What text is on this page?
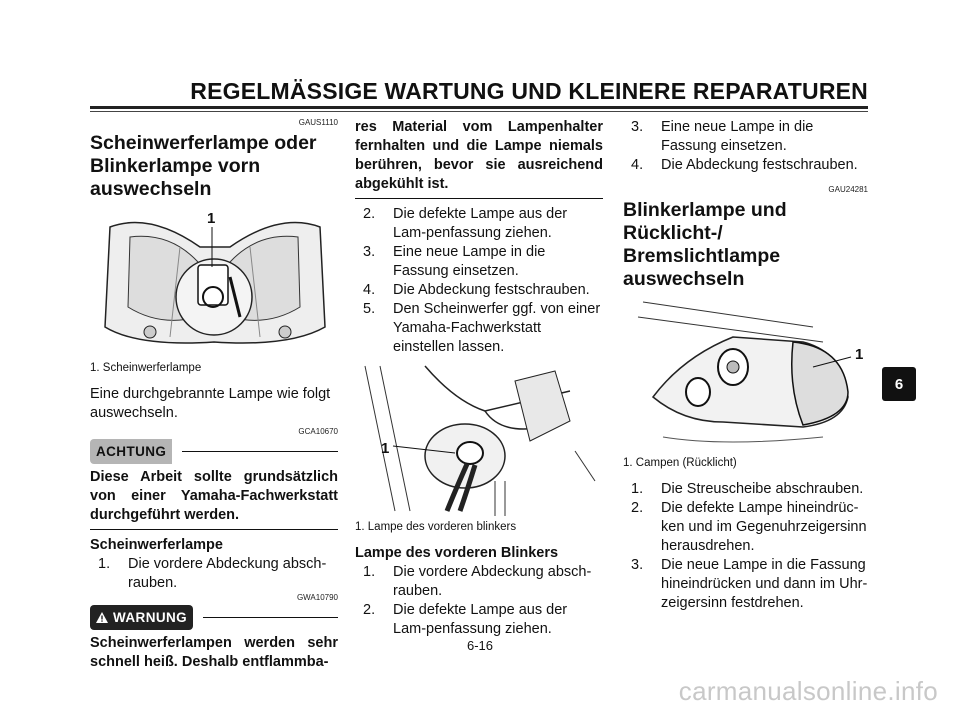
REGELMÄSSIGE WARTUNG UND KLEINERE REPARATUREN

GAUS1110

Scheinwerferlampe oder Blinkerlampe vorn auswechseln
1

1. Scheinwerferlampe

Eine durchgebrannte Lampe wie folgt auswechseln.

GCA10670

ACHTUNG

Diese Arbeit sollte grundsätzlich von einer Yamaha-Fachwerkstatt durchgeführt werden.

Scheinwerferlampe

1. Die vordere Abdeckung absch-rauben.

GWA10790

WARNUNG

Scheinwerferlampen werden sehr schnell heiß. Deshalb entflammba-

res Material vom Lampenhalter fernhalten und die Lampe niemals berühren, bevor sie ausreichend abgekühlt ist.

2. Die defekte Lampe aus der Lam-penfassung ziehen.
3. Eine neue Lampe in die Fassung einsetzen.
4. Die Abdeckung festschrauben.
5. Den Scheinwerfer ggf. von einer Yamaha-Fachwerkstatt einstellen lassen.
1

1. Lampe des vorderen blinkers

Lampe des vorderen Blinkers

1. Die vordere Abdeckung absch-rauben.
2. Die defekte Lampe aus der Lam-penfassung ziehen.
3. Eine neue Lampe in die Fassung einsetzen.
4. Die Abdeckung festschrauben.

GAU24281

Blinkerlampe und Rücklicht-/ Bremslichtlampe auswechseln
1

1. Campen (Rücklicht)

1. Die Streuscheibe abschrauben.
2. Die defekte Lampe hineindrüc-ken und im Gegenuhrzeigersinn herausdrehen.
3. Die neue Lampe in die Fassung hineindrücken und dann im Uhr-zeigersinn festdrehen.
6
6-16
carmanualsonline.info
